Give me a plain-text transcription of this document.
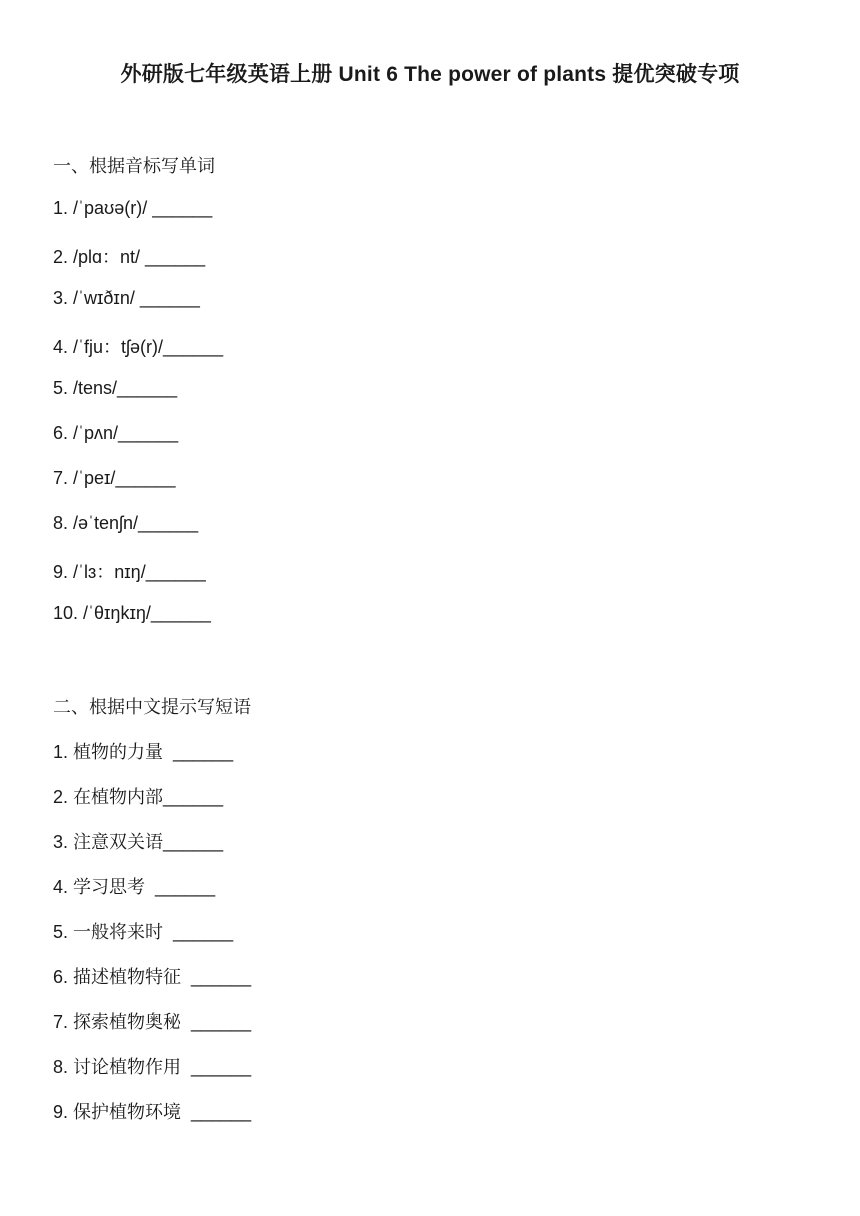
外研版七年级英语上册 Unit 6 The power of plants 提优突破专项
一、根据音标写单词
1. /ˈpaʊə(r)/ ______
2. /plɑ：nt/ ______
3. /ˈwɪðɪn/ ______
4. /ˈfju：tʃə(r)/______
5. /tens/______
6. /ˈpʌn/______
7. /ˈpeɪ/______
8. /əˈtenʃn/______
9. /ˈlɜ：nɪŋ/______
10. /ˈθɪŋkɪŋ/______
二、根据中文提示写短语
1. 植物的力量  ______
2. 在植物内部______
3. 注意双关语______
4. 学习思考  ______
5. 一般将来时  ______
6. 描述植物特征  ______
7. 探索植物奥秘  ______
8. 讨论植物作用  ______
9. 保护植物环境  ______
